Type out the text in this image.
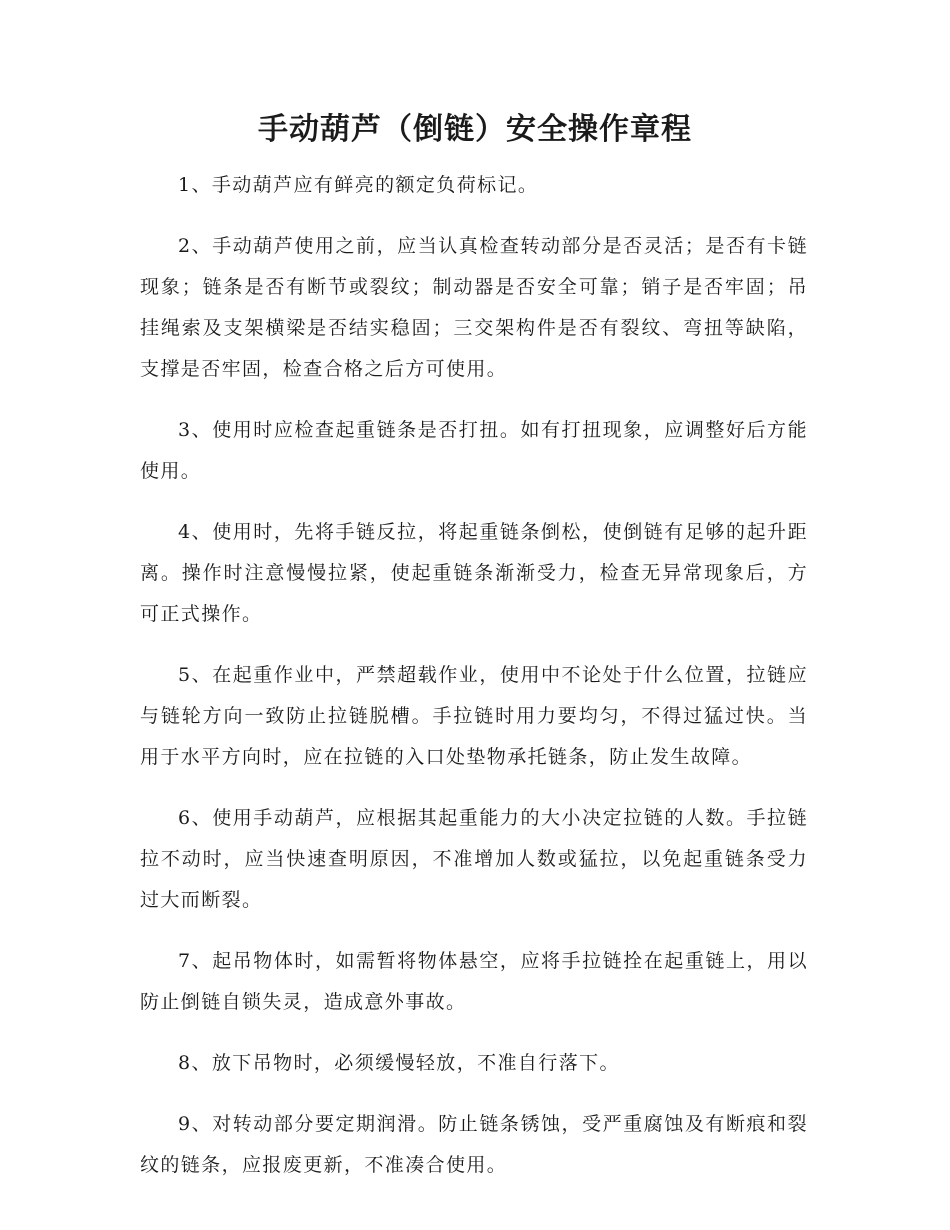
手动葫芦（倒链）安全操作章程

1、手动葫芦应有鲜亮的额定负荷标记。

2、手动葫芦使用之前，应当认真检查转动部分是否灵活；是否有卡链现象；链条是否有断节或裂纹；制动器是否安全可靠；销子是否牢固；吊挂绳索及支架横梁是否结实稳固；三交架构件是否有裂纹、弯扭等缺陷，支撑是否牢固，检查合格之后方可使用。

3、使用时应检查起重链条是否打扭。如有打扭现象，应调整好后方能使用。

4、使用时，先将手链反拉，将起重链条倒松，使倒链有足够的起升距离。操作时注意慢慢拉紧，使起重链条渐渐受力，检查无异常现象后，方可正式操作。

5、在起重作业中，严禁超载作业，使用中不论处于什么位置，拉链应与链轮方向一致防止拉链脱槽。手拉链时用力要均匀，不得过猛过快。当用于水平方向时，应在拉链的入口处垫物承托链条，防止发生故障。

6、使用手动葫芦，应根据其起重能力的大小决定拉链的人数。手拉链拉不动时，应当快速查明原因，不准增加人数或猛拉，以免起重链条受力过大而断裂。

7、起吊物体时，如需暂将物体悬空，应将手拉链拴在起重链上，用以防止倒链自锁失灵，造成意外事故。

8、放下吊物时，必须缓慢轻放，不准自行落下。

9、对转动部分要定期润滑。防止链条锈蚀，受严重腐蚀及有断痕和裂纹的链条，应报废更新，不准凑合使用。
